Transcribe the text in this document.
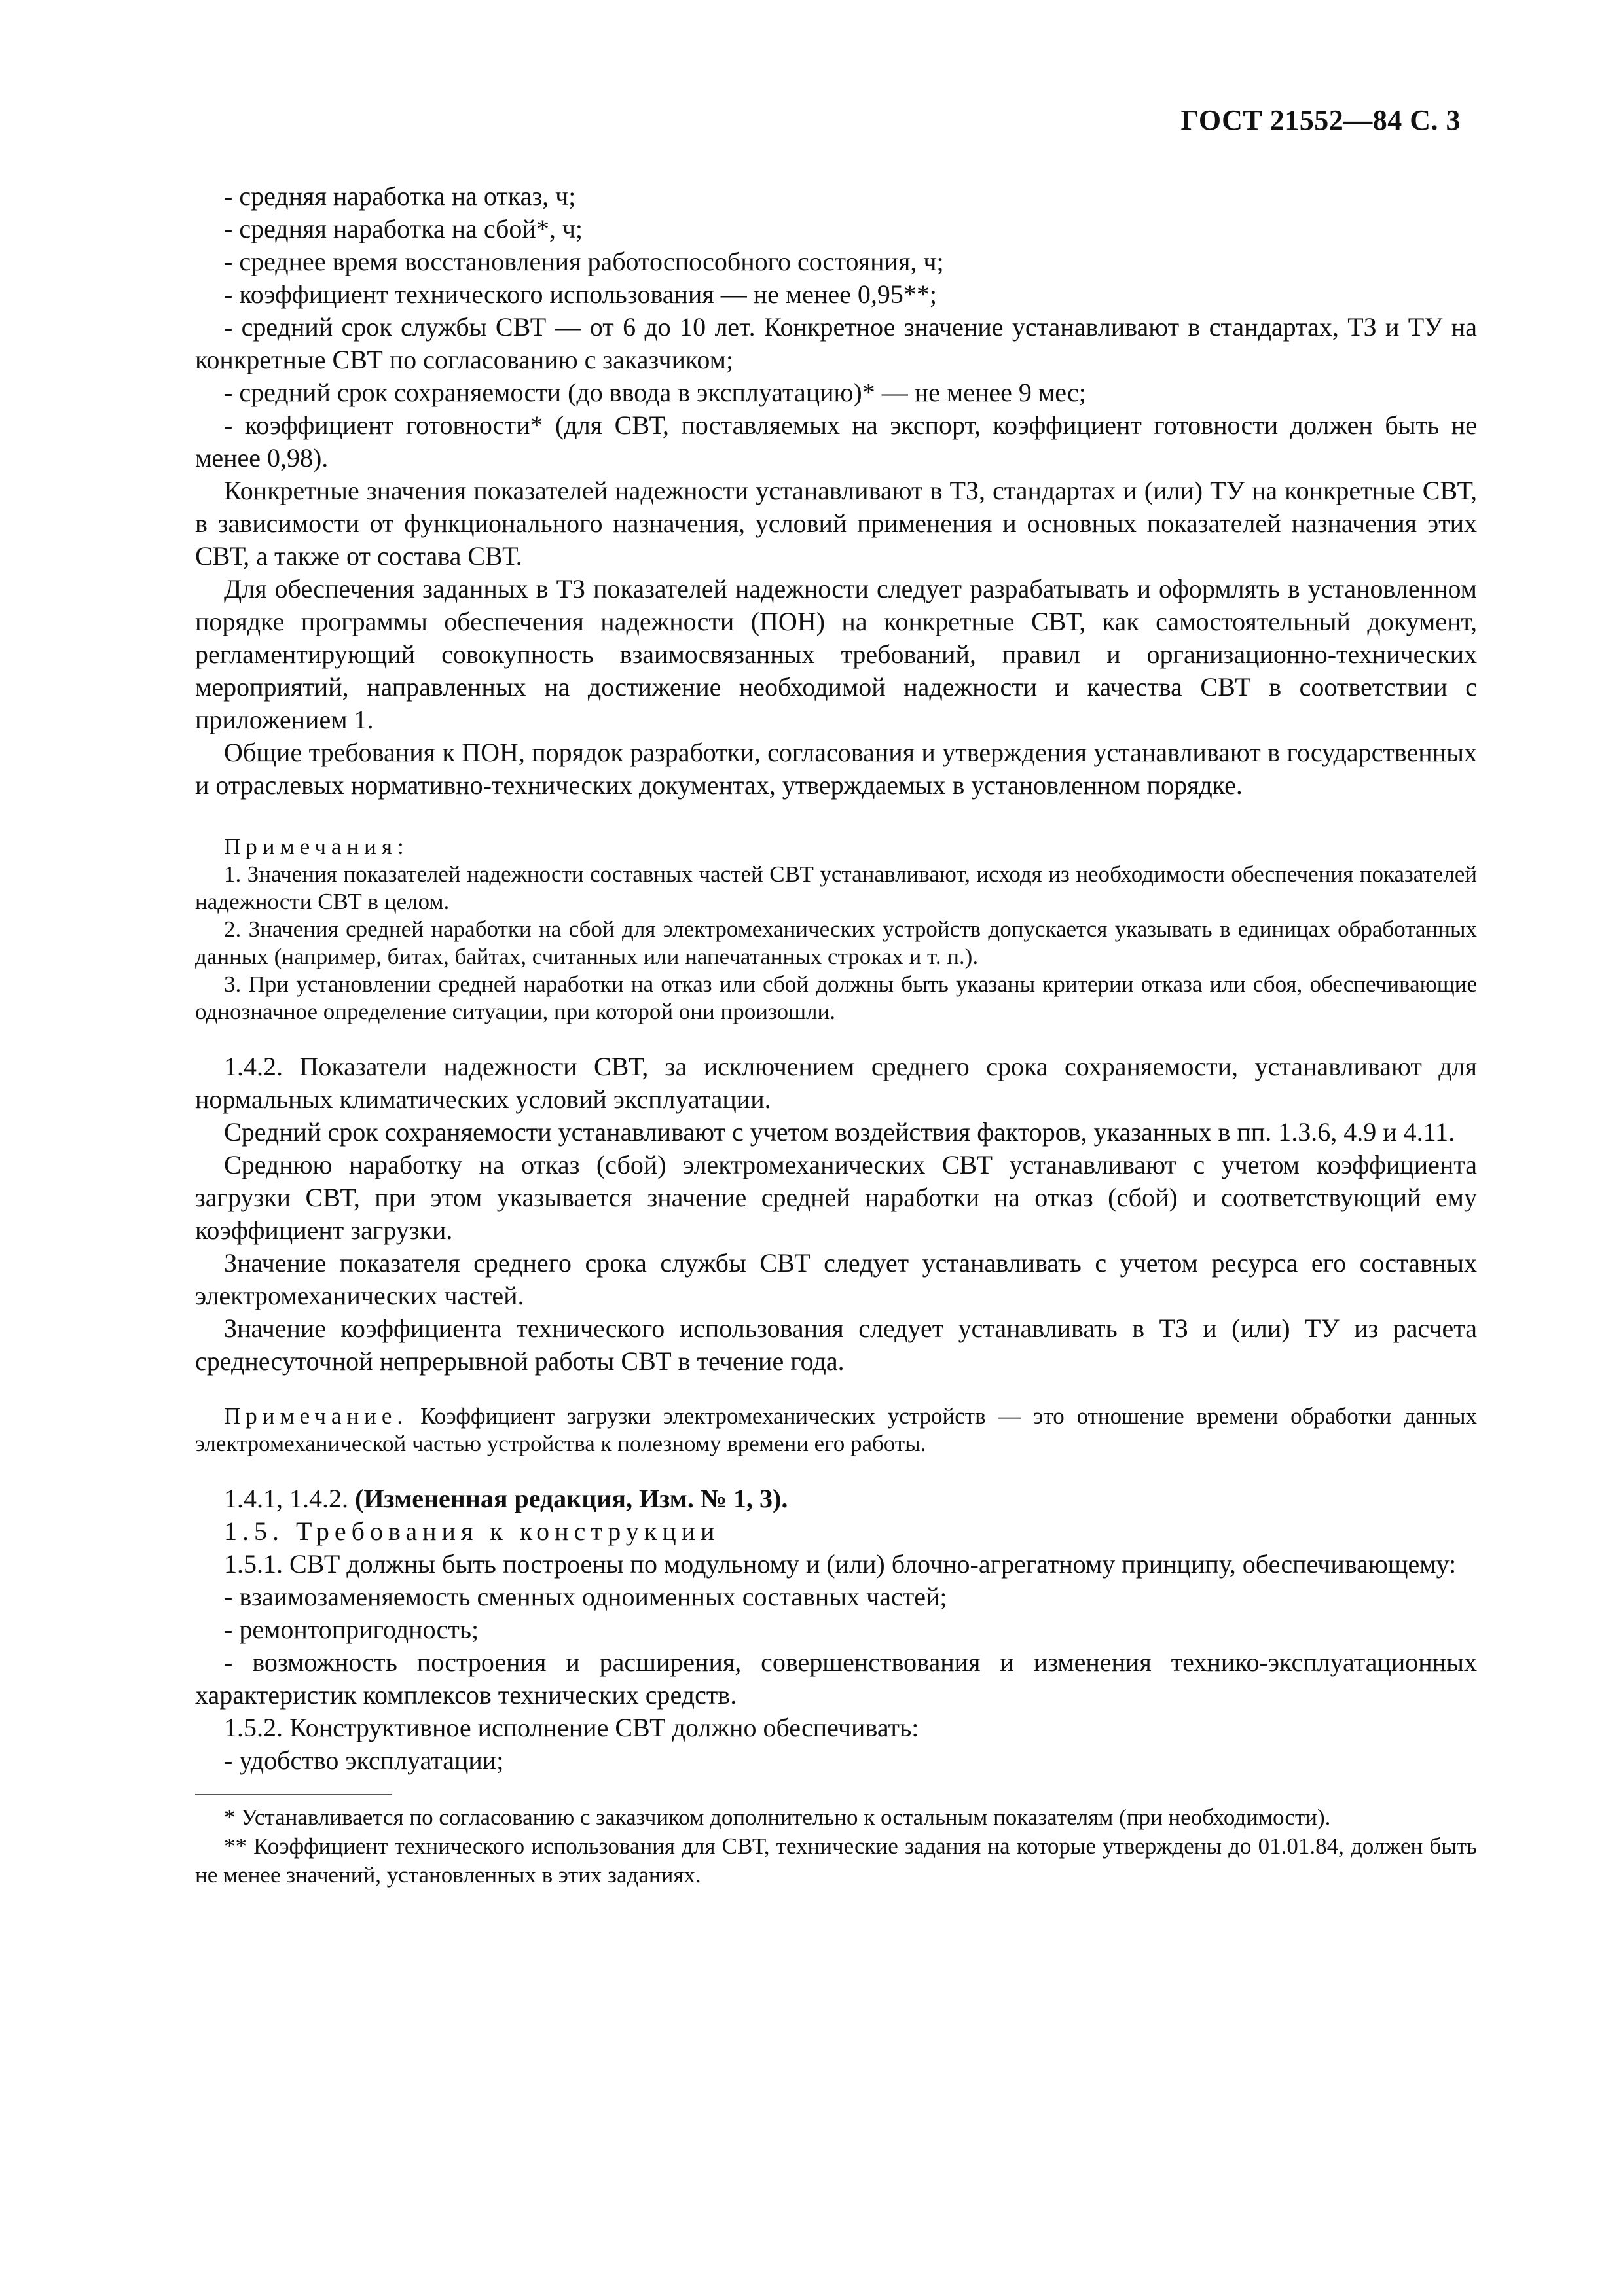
ГОСТ 21552—84 С. 3

- средняя наработка на отказ, ч;

- средняя наработка на сбой*, ч;

- среднее время восстановления работоспособного состояния, ч;

- коэффициент технического использования — не менее 0,95**;

- средний срок службы СВТ — от 6 до 10 лет. Конкретное значение устанавливают в стандартах, ТЗ и ТУ на конкретные СВТ по согласованию с заказчиком;

- средний срок сохраняемости (до ввода в эксплуатацию)* — не менее 9 мес;

- коэффициент готовности* (для СВТ, поставляемых на экспорт, коэффициент готовности должен быть не менее 0,98).

Конкретные значения показателей надежности устанавливают в ТЗ, стандартах и (или) ТУ на конкретные СВТ, в зависимости от функционального назначения, условий применения и основных показателей назначения этих СВТ, а также от состава СВТ.

Для обеспечения заданных в ТЗ показателей надежности следует разрабатывать и оформлять в установленном порядке программы обеспечения надежности (ПОН) на конкретные СВТ, как самостоятельный документ, регламентирующий совокупность взаимосвязанных требований, правил и организационно-технических мероприятий, направленных на достижение необходимой надежности и качества СВТ в соответствии с приложением 1.

Общие требования к ПОН, порядок разработки, согласования и утверждения устанавливают в государственных и отраслевых нормативно-технических документах, утверждаемых в установленном порядке.

Примечания:

1. Значения показателей надежности составных частей СВТ устанавливают, исходя из необходимости обеспечения показателей надежности СВТ в целом.

2. Значения средней наработки на сбой для электромеханических устройств допускается указывать в единицах обработанных данных (например, битах, байтах, считанных или напечатанных строках и т. п.).

3. При установлении средней наработки на отказ или сбой должны быть указаны критерии отказа или сбоя, обеспечивающие однозначное определение ситуации, при которой они произошли.

1.4.2. Показатели надежности СВТ, за исключением среднего срока сохраняемости, устанавливают для нормальных климатических условий эксплуатации.

Средний срок сохраняемости устанавливают с учетом воздействия факторов, указанных в пп. 1.3.6, 4.9 и 4.11.

Среднюю наработку на отказ (сбой) электромеханических СВТ устанавливают с учетом коэффициента загрузки СВТ, при этом указывается значение средней наработки на отказ (сбой) и соответствующий ему коэффициент загрузки.

Значение показателя среднего срока службы СВТ следует устанавливать с учетом ресурса его составных электромеханических частей.

Значение коэффициента технического использования следует устанавливать в ТЗ и (или) ТУ из расчета среднесуточной непрерывной работы СВТ в течение года.

Примечание. Коэффициент загрузки электромеханических устройств — это отношение времени обработки данных электромеханической частью устройства к полезному времени его работы.

1.4.1, 1.4.2. (Измененная редакция, Изм. № 1, 3).

1.5. Требования к конструкции

1.5.1. СВТ должны быть построены по модульному и (или) блочно-агрегатному принципу, обеспечивающему:

- взаимозаменяемость сменных одноименных составных частей;

- ремонтопригодность;

- возможность построения и расширения, совершенствования и изменения технико-эксплуатационных характеристик комплексов технических средств.

1.5.2. Конструктивное исполнение СВТ должно обеспечивать:

- удобство эксплуатации;

* Устанавливается по согласованию с заказчиком дополнительно к остальным показателям (при необходимости).

** Коэффициент технического использования для СВТ, технические задания на которые утверждены до 01.01.84, должен быть не менее значений, установленных в этих заданиях.
